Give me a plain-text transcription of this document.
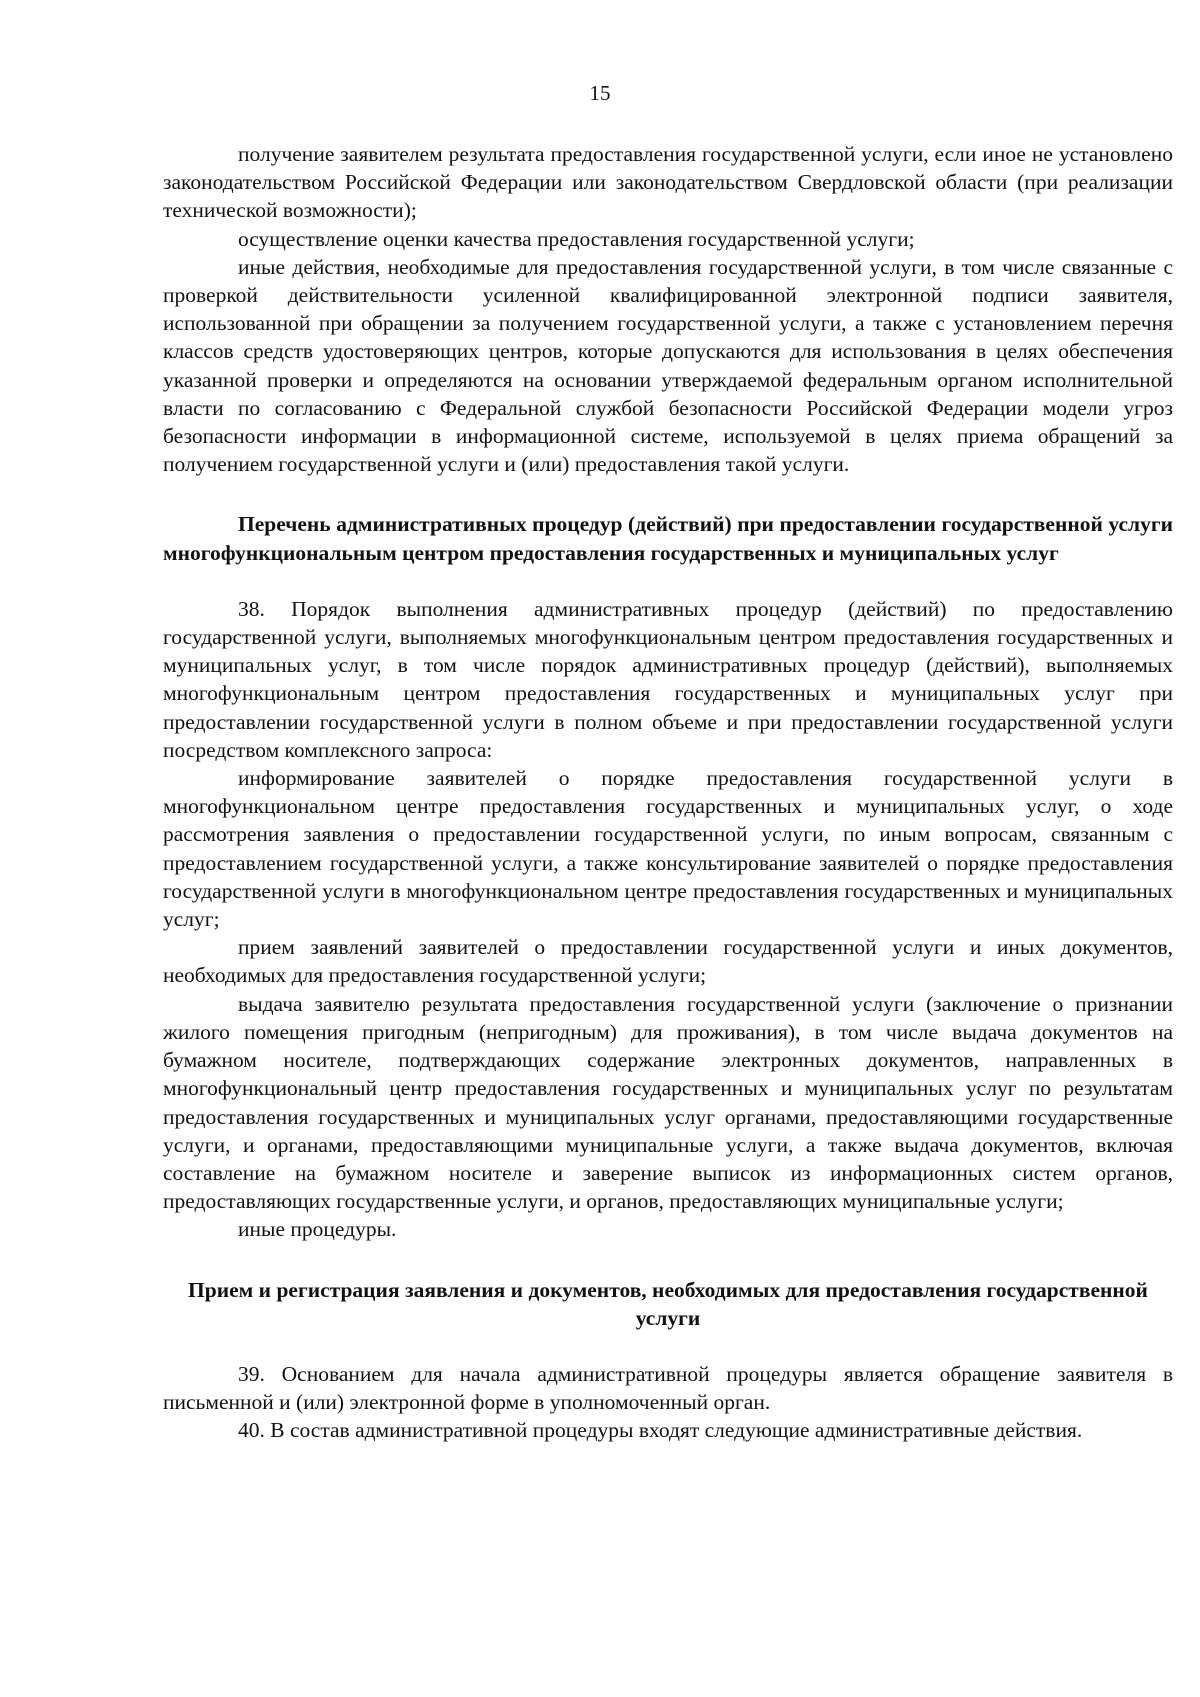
15

получение заявителем результата предоставления государственной услуги, если иное не установлено законодательством Российской Федерации или законодательством Свердловской области (при реализации технической возможности);

осуществление оценки качества предоставления государственной услуги;

иные действия, необходимые для предоставления государственной услуги, в том числе связанные с проверкой действительности усиленной квалифицированной электронной подписи заявителя, использованной при обращении за получением государственной услуги, а также с установлением перечня классов средств удостоверяющих центров, которые допускаются для использования в целях обеспечения указанной проверки и определяются на основании утверждаемой федеральным органом исполнительной власти по согласованию с Федеральной службой безопасности Российской Федерации модели угроз безопасности информации в информационной системе, используемой в целях приема обращений за получением государственной услуги и (или) предоставления такой услуги.

Перечень административных процедур (действий) при предоставлении государственной услуги многофункциональным центром предоставления государственных и муниципальных услуг

38. Порядок выполнения административных процедур (действий) по предоставлению государственной услуги, выполняемых многофункциональным центром предоставления государственных и муниципальных услуг, в том числе порядок административных процедур (действий), выполняемых многофункциональным центром предоставления государственных и муниципальных услуг при предоставлении государственной услуги в полном объеме и при предоставлении государственной услуги посредством комплексного запроса:

информирование заявителей о порядке предоставления государственной услуги в многофункциональном центре предоставления государственных и муниципальных услуг, о ходе рассмотрения заявления о предоставлении государственной услуги, по иным вопросам, связанным с предоставлением государственной услуги, а также консультирование заявителей о порядке предоставления государственной услуги в многофункциональном центре предоставления государственных и муниципальных услуг;

прием заявлений заявителей о предоставлении государственной услуги и иных документов, необходимых для предоставления государственной услуги;

выдача заявителю результата предоставления государственной услуги (заключение о признании жилого помещения пригодным (непригодным) для проживания), в том числе выдача документов на бумажном носителе, подтверждающих содержание электронных документов, направленных в многофункциональный центр предоставления государственных и муниципальных услуг по результатам предоставления государственных и муниципальных услуг органами, предоставляющими государственные услуги, и органами, предоставляющими муниципальные услуги, а также выдача документов, включая составление на бумажном носителе и заверение выписок из информационных систем органов, предоставляющих государственные услуги, и органов, предоставляющих муниципальные услуги;

иные процедуры.

Прием и регистрация заявления и документов, необходимых для предоставления государственной услуги

39. Основанием для начала административной процедуры является обращение заявителя в письменной и (или) электронной форме в уполномоченный орган.

40. В состав административной процедуры входят следующие административные действия.
